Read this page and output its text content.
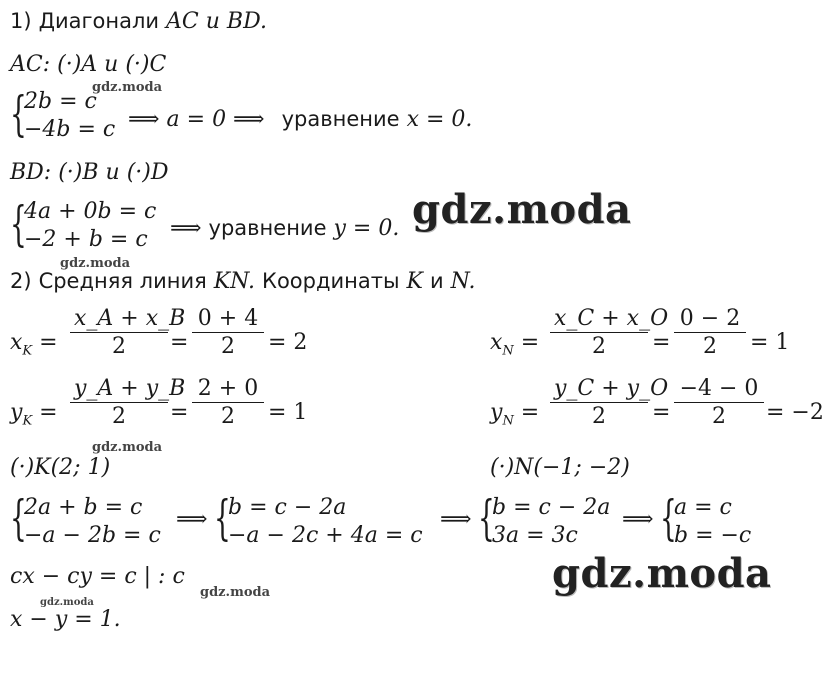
1) Диагонали AC и BD.
AC: (·)A и (·)C
{
2b = c
−4b = c ⟹ a = 0 ⟹ уравнение x = 0.
BD: (·)B и (·)D
{
4a + 0b = c
−2 + b = c ⟹ уравнение y = 0.
2) Средняя линия KN. Координаты K и N.
$x_K$ =
x_A + x_B
2	=
0 + 4
2	= 2	$x_N$ =
x_C + x_O
2	=
0 − 2
2	= 1
$y_K$ =
y_A + y_B
2	=
2 + 0
2	= 1	$y_N$ =
y_C + y_O
2	=
−4 − 0
2	= −2
(·)K(2; 1)	(·)N(−1; −2)
{
2a + b = c
−a − 2b = c
⟹ {
b = c − 2a
−a − 2c + 4a = c
⟹ {
b = c − 2a
3a = 3c
⟹ {
a = c
b = −c
cx − cy = c | : c
x − y = 1.
gdz.moda
gdz.moda
gdz.moda
gdz.moda
gdz.moda
gdz.moda
gdz.moda
